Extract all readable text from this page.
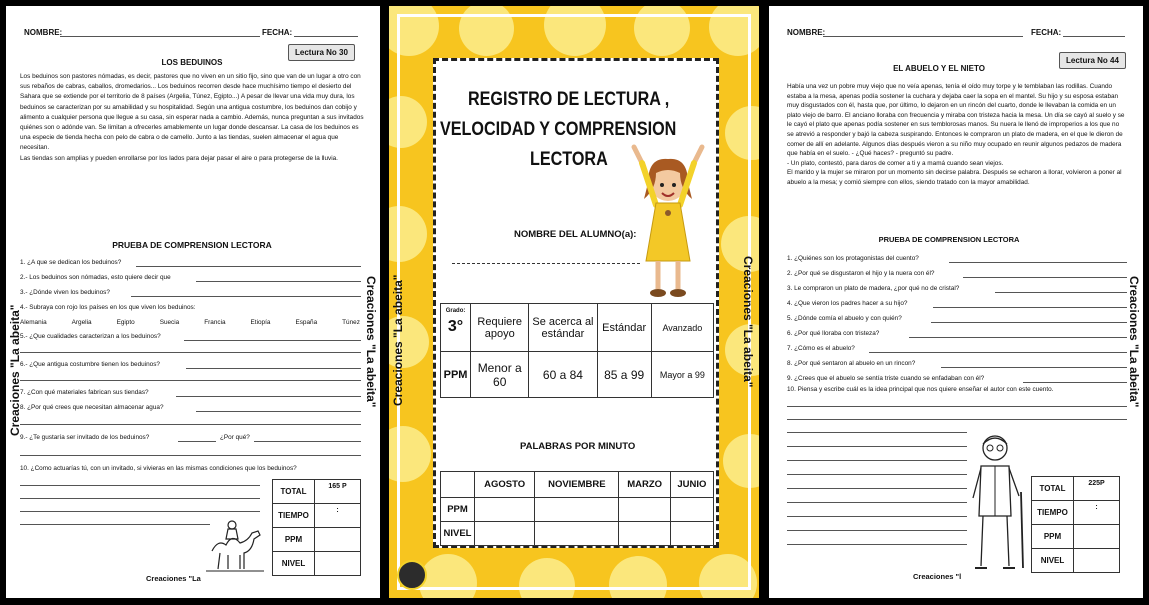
Creaciones "La abeita"	Creaciones "La abeita"
NOMBRE:	FECHA:
Lectura No 30
LOS BEDUINOS

Los beduinos son pastores nómadas, es decir, pastores que no viven en un sitio fijo, sino que van de un lugar a otro con sus rebaños de cabras, caballos, dromedarios... Los beduinos recorren desde hace muchísimo tiempo el desierto del Sahara que se extiende por el territorio de 8 países (Argelia, Túnez, Egipto...) A pesar de llevar una vida muy dura, los beduinos se caracterizan por su amabilidad y su hospitalidad. Según una antigua costumbre, los beduinos dan cobijo y alimento a cualquier persona que llegue a su casa, sin esperar nada a cambio. Además, nunca preguntan a sus invitados quiénes son o adónde van. Se limitan a ofrecerles amablemente un lugar donde descansar. La casa de los beduinos es una especie de tienda hecha con pelo de cabra o de camello. Junto a las tiendas, suelen almacenar el agua que necesitan.

Las tiendas son amplias y pueden enrollarse por los lados para dejar pasar el aire o para protegerse de la lluvia.

PRUEBA DE COMPRENSION LECTORA
1. ¿A que se dedican los beduinos?
2.- Los beduinos son nómadas, esto quiere decir que
3.- ¿Dónde viven los beduinos?
4.- Subraya con rojo los países en los que viven los beduinos:
Alemania	Argelia	Egipto	Suecia	Francia	Etiopía	España	Túnez
5.- ¿Que cualidades caracterizan a los beduinos?
6.- ¿Que antigua costumbre tienen los beduinos?
7. ¿Con qué materiales fabrican sus tiendas?
8. ¿Por qué crees que necesitan almacenar agua?
9.- ¿Te gustaría ser invitado de los beduinos?	¿Por qué?
10. ¿Como actuarías tú, con un invitado, si vivieras en las mismas condiciones que los beduinos?
TOTAL	165 P
TIEMPO	:
PPM	
NIVEL	
Creaciones "La
Creaciones "La abeita"	Creaciones "La abeita"
REGISTRO DE LECTURA ,
VELOCIDAD Y COMPRENSION
LECTORA
NOMBRE DEL ALUMNO(a):
Grado:
3°	Requiere apoyo	Se acerca al estándar	Estándar	Avanzado
PPM	Menor a 60	60 a 84	85 a 99	Mayor a 99
PALABRAS POR MINUTO
	AGOSTO	NOVIEMBRE	MARZO	JUNIO
PPM				
NIVEL				
Creaciones "La abeita"
NOMBRE:	FECHA:
Lectura No 44
EL ABUELO Y EL NIETO

Había una vez un pobre muy viejo que no veía apenas, tenía el oído muy torpe y le temblaban las rodillas. Cuando estaba a la mesa, apenas podía sostener la cuchara y dejaba caer la sopa en el mantel. Su hijo y su esposa estaban muy disgustados con él, hasta que, por último, lo dejaron en un rincón del cuarto, donde le llevaban la comida en un plato viejo de barro. El anciano lloraba con frecuencia y miraba con tristeza hacia la mesa. Un día se cayó al suelo y se le cayó el plato que apenas podía sostener en sus temblorosas manos. Su nuera le llenó de improperios a los que no se atrevió a responder y bajó la cabeza suspirando. Entonces le compraron un plato de madera, en el que le dieron de comer de allí en adelante. Algunos días después vieron a su niño muy ocupado en reunir algunos pedazos de madera que había en el suelo. - ¿Qué haces? - preguntó su padre.

- Un plato, contestó, para daros de comer a ti y a mamá cuando sean viejos.

El marido y la mujer se miraron por un momento sin decirse palabra. Después se echaron a llorar, volvieron a poner al abuelo a la mesa; y comió siempre con ellos, siendo tratado con la mayor amabilidad.

PRUEBA DE COMPRENSION LECTORA
1. ¿Quiénes son los protagonistas del cuento?
2. ¿Por qué se disgustaron el hijo y la nuera con él?
3. Le compraron un plato de madera, ¿por qué no de cristal?
4. ¿Que vieron los padres hacer a su hijo?
5. ¿Dónde comía el abuelo y con quién?
6. ¿Por qué lloraba con tristeza?
7. ¿Cómo es el abuelo?
8. ¿Por qué sentaron al abuelo en un rincon?
9. ¿Crees que el abuelo se sentía triste cuando se enfadaban con él?
10. Piensa y escribe cuál es la idea principal que nos quiere enseñar el autor con este cuento.
TOTAL	225P
TIEMPO	:
PPM	
NIVEL	
Creaciones "l
